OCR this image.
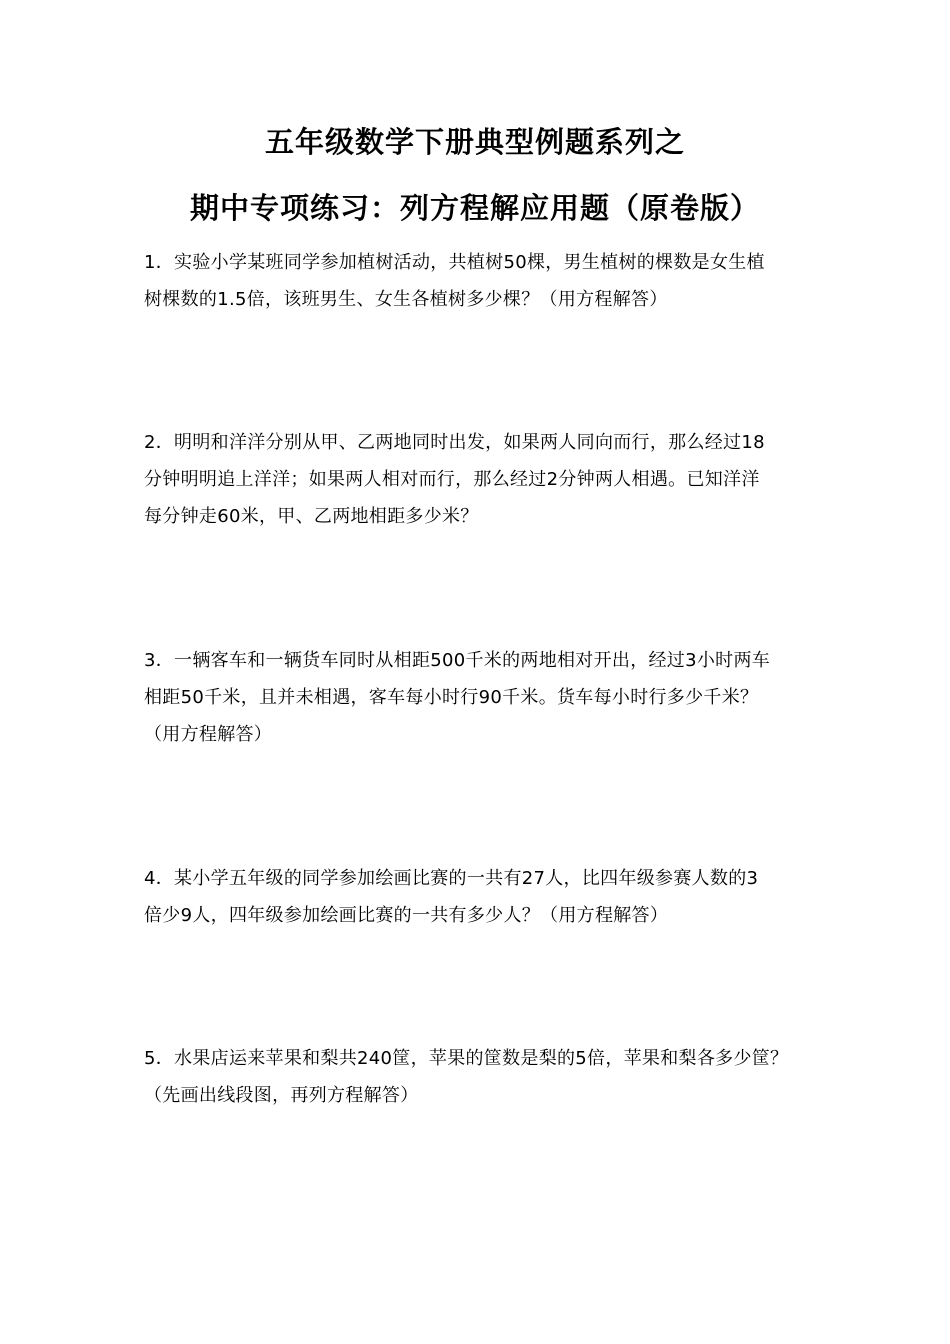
五年级数学下册典型例题系列之
期中专项练习：列方程解应用题（原卷版）
1．实验小学某班同学参加植树活动，共植树50棵，男生植树的棵数是女生植
树棵数的1.5倍，该班男生、女生各植树多少棵？（用方程解答）
2．明明和洋洋分别从甲、乙两地同时出发，如果两人同向而行，那么经过18
分钟明明追上洋洋；如果两人相对而行，那么经过2分钟两人相遇。已知洋洋
每分钟走60米，甲、乙两地相距多少米？
3．一辆客车和一辆货车同时从相距500千米的两地相对开出，经过3小时两车
相距50千米，且并未相遇，客车每小时行90千米。货车每小时行多少千米？
（用方程解答）
4．某小学五年级的同学参加绘画比赛的一共有27人，比四年级参赛人数的3
倍少9人，四年级参加绘画比赛的一共有多少人？（用方程解答）
5．水果店运来苹果和梨共240筐，苹果的筐数是梨的5倍，苹果和梨各多少筐？
（先画出线段图，再列方程解答）
